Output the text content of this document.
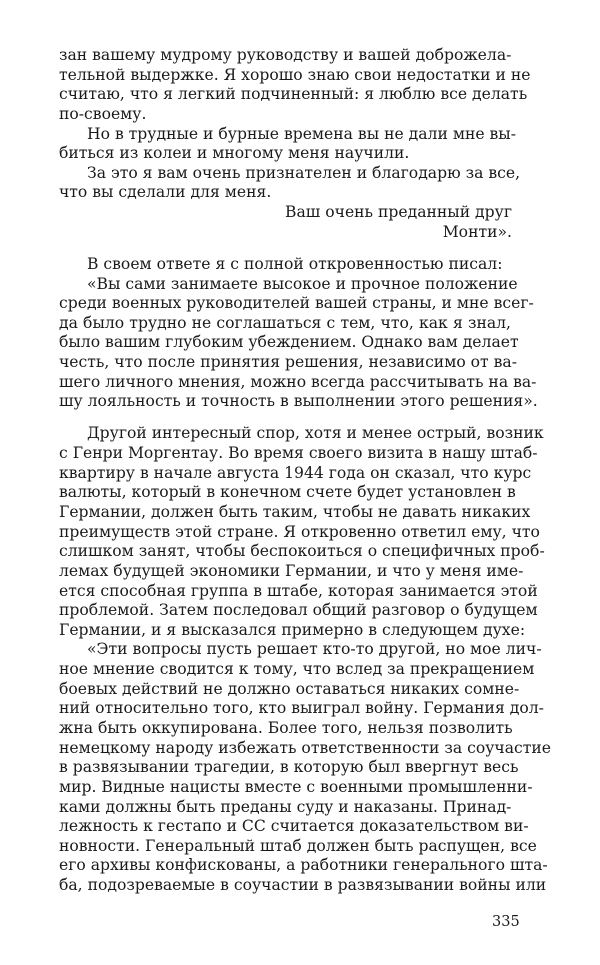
зан вашему мудрому руководству и вашей доброжела-
тельной выдержке. Я хорошо знаю свои недостатки и не
считаю, что я легкий подчиненный: я люблю все делать
по-своему.
Но в трудные и бурные времена вы не дали мне вы-
биться из колеи и многому меня научили.
За это я вам очень признателен и благодарю за все,
что вы сделали для меня.
Ваш очень преданный друг
Монти».
В своем ответе я с полной откровенностью писал:
«Вы сами занимаете высокое и прочное положение
среди военных руководителей вашей страны, и мне всег-
да было трудно не соглашаться с тем, что, как я знал,
было вашим глубоким убеждением. Однако вам делает
честь, что после принятия решения, независимо от ва-
шего личного мнения, можно всегда рассчитывать на ва-
шу лояльность и точность в выполнении этого решения».
Другой интересный спор, хотя и менее острый, возник
с Генри Моргентау. Во время своего визита в нашу штаб-
квартиру в начале августа 1944 года он сказал, что курс
валюты, который в конечном счете будет установлен в
Германии, должен быть таким, чтобы не давать никаких
преимуществ этой стране. Я откровенно ответил ему, что
слишком занят, чтобы беспокоиться о специфичных проб-
лемах будущей экономики Германии, и что у меня име-
ется способная группа в штабе, которая занимается этой
проблемой. Затем последовал общий разговор о будущем
Германии, и я высказался примерно в следующем духе:
«Эти вопросы пусть решает кто-то другой, но мое лич-
ное мнение сводится к тому, что вслед за прекращением
боевых действий не должно оставаться никаких сомне-
ний относительно того, кто выиграл войну. Германия дол-
жна быть оккупирована. Более того, нельзя позволить
немецкому народу избежать ответственности за соучастие
в развязывании трагедии, в которую был ввергнут весь
мир. Видные нацисты вместе с военными промышленни-
ками должны быть преданы суду и наказаны. Принад-
лежность к гестапо и СС считается доказательством ви-
новности. Генеральный штаб должен быть распущен, все
его архивы конфискованы, а работники генерального шта-
ба, подозреваемые в соучастии в развязывании войны или
335
